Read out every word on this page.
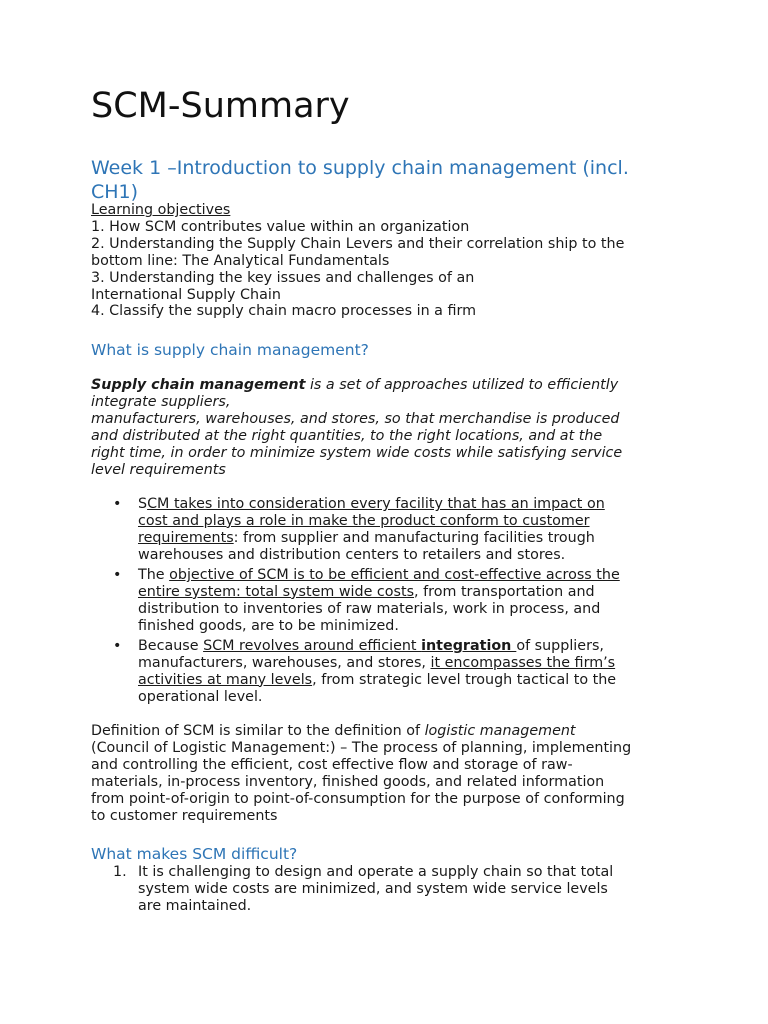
SCM-Summary
Week 1 –Introduction to supply chain management (incl.
CH1)
Learning objectives
1. How SCM contributes value within an organization
2. Understanding the Supply Chain Levers and their correlation ship to the
bottom line: The Analytical Fundamentals
3. Understanding the key issues and challenges of an
International Supply Chain
4. Classify the supply chain macro processes in a firm
What is supply chain management?
Supply chain management is a set of approaches utilized to efficiently
integrate suppliers,
manufacturers, warehouses, and stores, so that merchandise is produced
and distributed at the right quantities, to the right locations, and at the
right time, in order to minimize system wide costs while satisfying service
level requirements
• SCM takes into consideration every facility that has an impact on
cost and plays a role in make the product conform to customer
requirements: from supplier and manufacturing facilities trough
warehouses and distribution centers to retailers and stores.
• The objective of SCM is to be efficient and cost-effective across the
entire system: total system wide costs, from transportation and
distribution to inventories of raw materials, work in process, and
finished goods, are to be minimized.
• Because SCM revolves around efficient integration of suppliers,
manufacturers, warehouses, and stores, it encompasses the firm’s
activities at many levels, from strategic level trough tactical to the
operational level.
Definition of SCM is similar to the definition of logistic management
(Council of Logistic Management:) – The process of planning, implementing
and controlling the efficient, cost effective flow and storage of raw-
materials, in-process inventory, finished goods, and related information
from point-of-origin to point-of-consumption for the purpose of conforming
to customer requirements
What makes SCM difficult?
1. It is challenging to design and operate a supply chain so that total
system wide costs are minimized, and system wide service levels
are maintained.
